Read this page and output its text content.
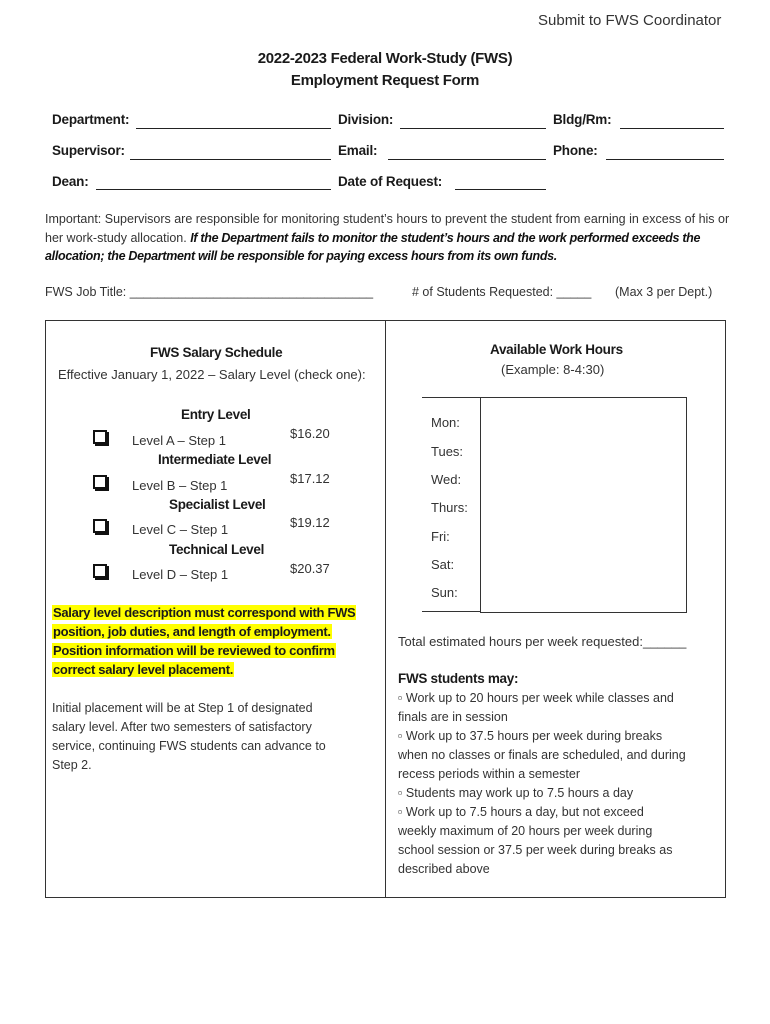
Submit to FWS Coordinator
2022-2023 Federal Work-Study (FWS)
Employment Request Form
Department:	Division:	Bldg/Rm:
Supervisor:	Email:	Phone:
Dean:	Date of Request:
Important: Supervisors are responsible for monitoring student’s hours to prevent the student from earning in excess of his or her work-study allocation. If the Department fails to monitor the student’s hours and the work performed exceeds the allocation; the Department will be responsible for paying excess hours from its own funds.
FWS Job Title: ___________________________________	# of Students Requested: _____ (Max 3 per Dept.)
FWS Salary Schedule
Effective January 1, 2022 – Salary Level (check one):
Entry Level
Level A – Step 1	$16.20
Intermediate Level
Level B – Step 1	$17.12
Specialist Level
Level C – Step 1	$19.12
Technical Level
Level D – Step 1	$20.37
Salary level description must correspond with FWS
position, job duties, and length of employment.
Position information will be reviewed to confirm
correct salary level placement.
Initial placement will be at Step 1 of designated
salary level. After two semesters of satisfactory
service, continuing FWS students can advance to
Step 2.
Available Work Hours
(Example: 8-4:30)
Mon:
Tues:
Wed:
Thurs:
Fri:
Sat:
Sun:
Total estimated hours per week requested:______
FWS students may:
▫ Work up to 20 hours per week while classes and
finals are in session
▫ Work up to 37.5 hours per week during breaks
when no classes or finals are scheduled, and during
recess periods within a semester
▫ Students may work up to 7.5 hours a day
▫ Work up to 7.5 hours a day, but not exceed
weekly maximum of 20 hours per week during
school session or 37.5 per week during breaks as
described above
